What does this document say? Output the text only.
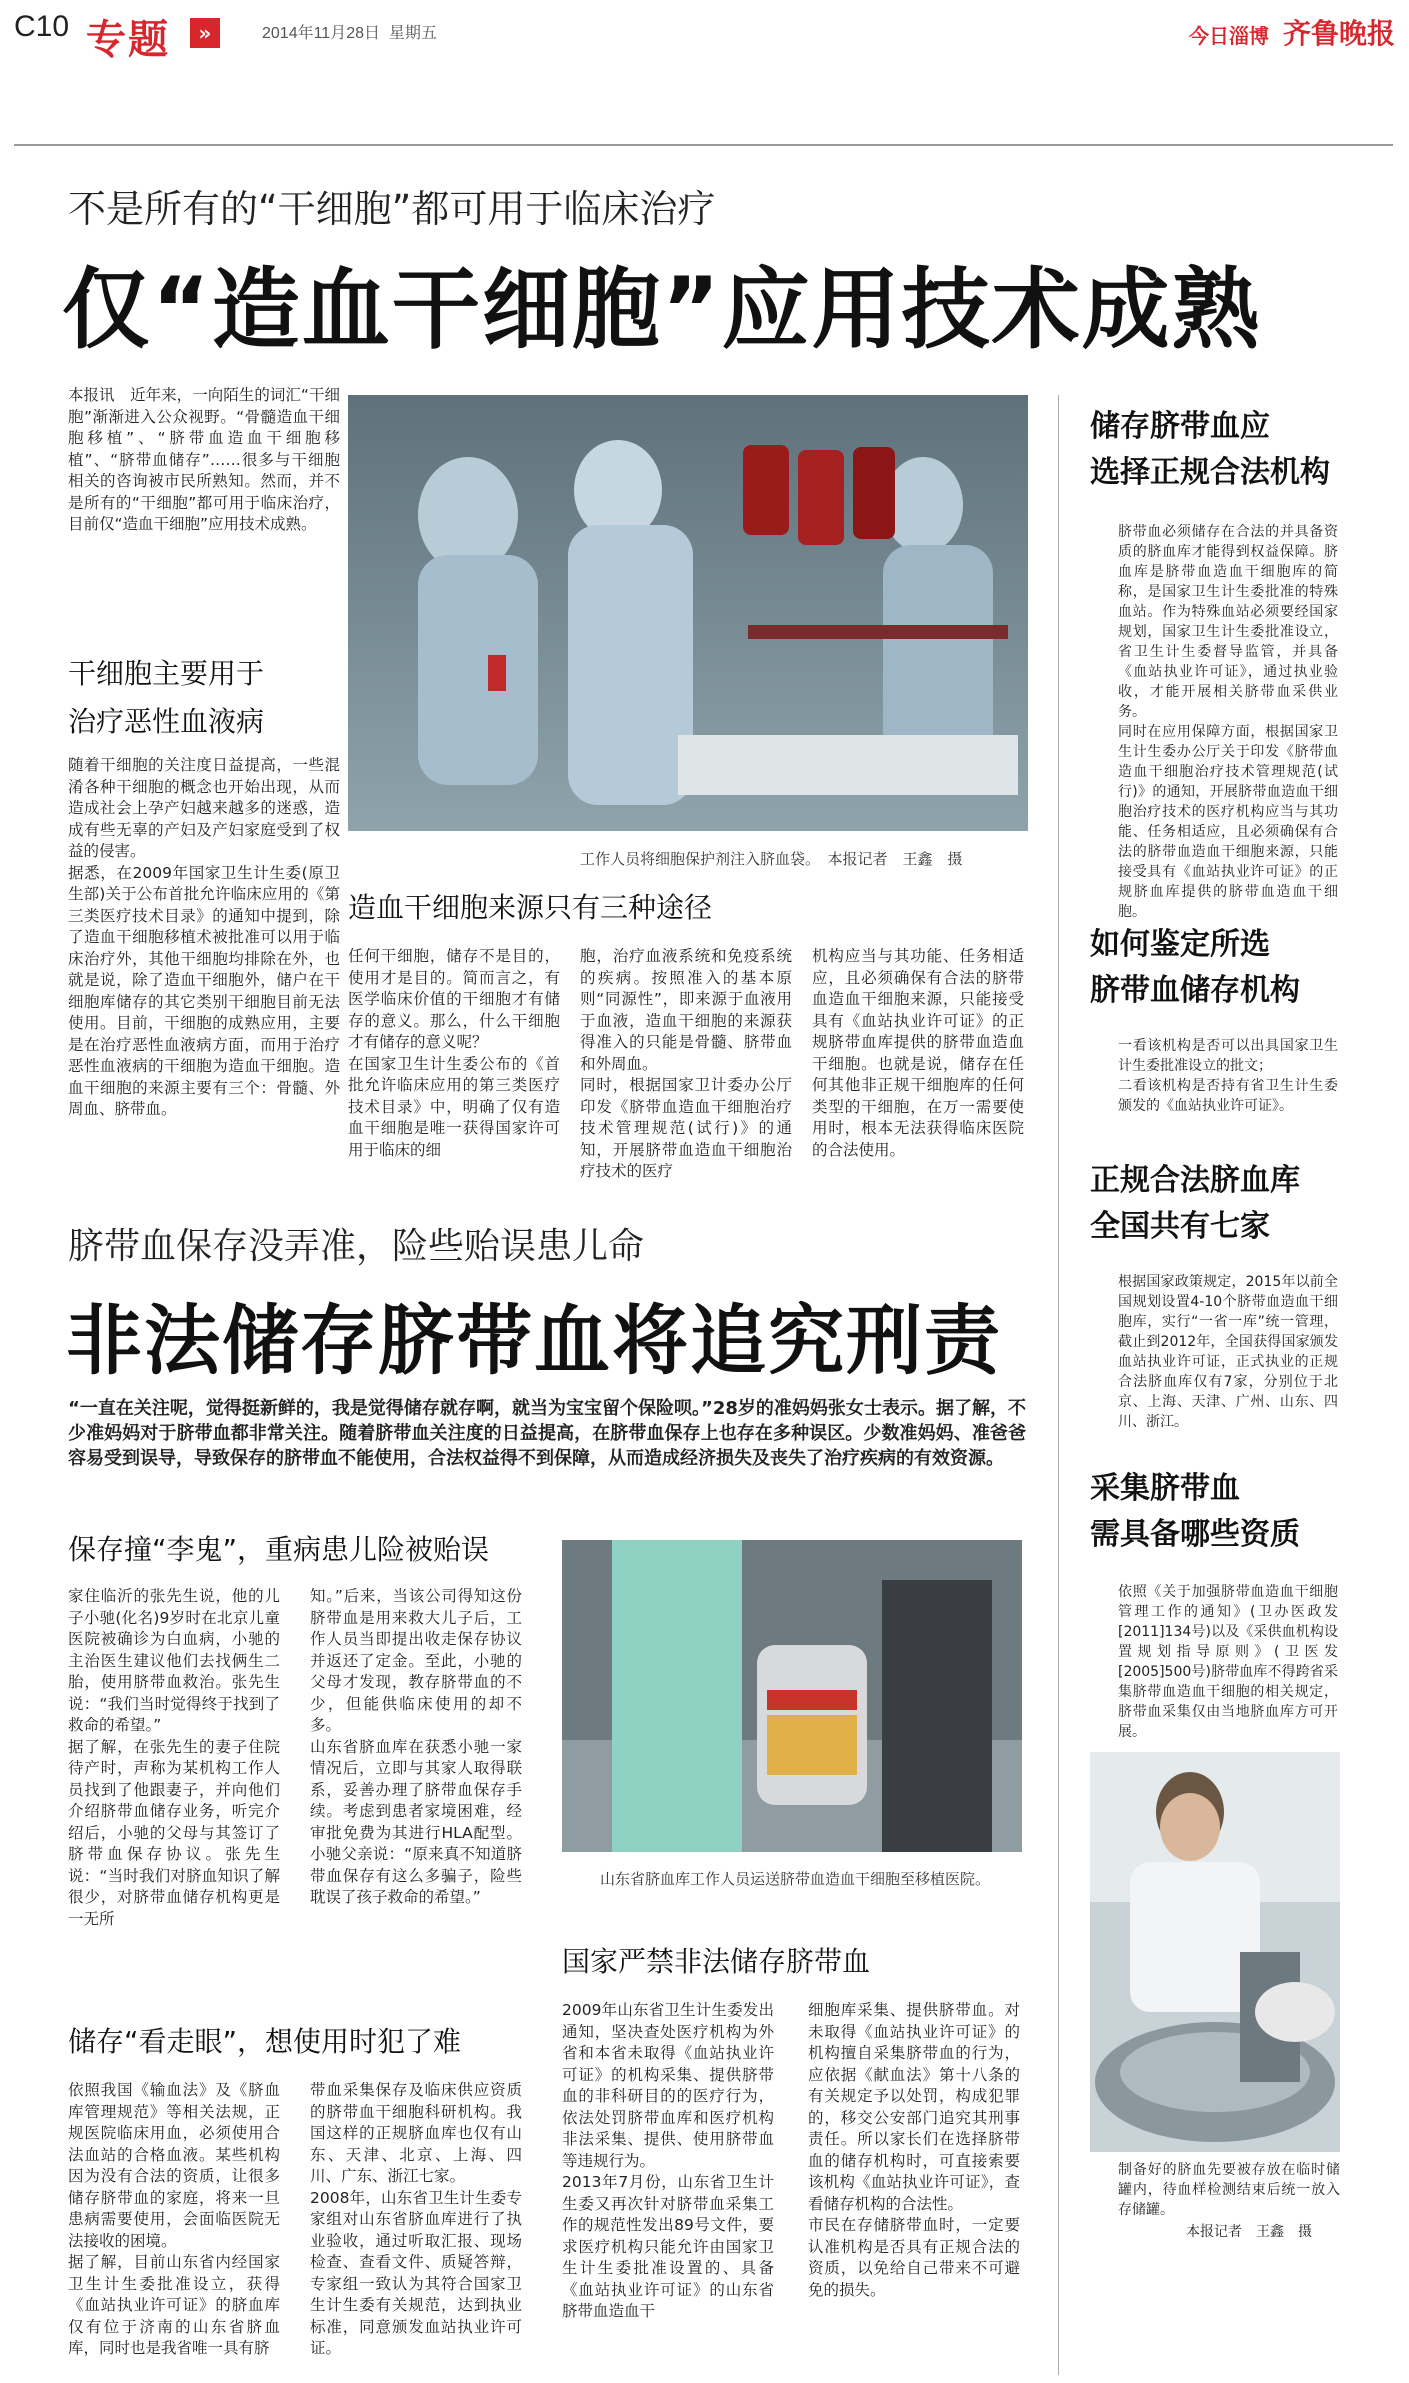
C10 专题	»	2014年11月28日 星期五	今日淄博 齐鲁晚报
不是所有的“干细胞”都可用于临床治疗
仅“造血干细胞”应用技术成熟
本报讯　近年来，一向陌生的词汇“干细胞”渐渐进入公众视野。“骨髓造血干细胞移植”、“脐带血造血干细胞移植”、“脐带血储存”……很多与干细胞相关的咨询被市民所熟知。然而，并不是所有的“干细胞”都可用于临床治疗，目前仅“造血干细胞”应用技术成熟。
干细胞主要用于
治疗恶性血液病
随着干细胞的关注度日益提高，一些混淆各种干细胞的概念也开始出现，从而造成社会上孕产妇越来越多的迷惑，造成有些无辜的产妇及产妇家庭受到了权益的侵害。
据悉，在2009年国家卫生计生委(原卫生部)关于公布首批允许临床应用的《第三类医疗技术目录》的通知中提到，除了造血干细胞移植术被批准可以用于临床治疗外，其他干细胞均排除在外，也就是说，除了造血干细胞外，储户在干细胞库储存的其它类别干细胞目前无法使用。目前，干细胞的成熟应用，主要是在治疗恶性血液病方面，而用于治疗恶性血液病的干细胞为造血干细胞。造血干细胞的来源主要有三个：骨髓、外周血、脐带血。
工作人员将细胞保护剂注入脐血袋。　本报记者　王鑫　摄
造血干细胞来源只有三种途径
任何干细胞，储存不是目的，使用才是目的。简而言之，有医学临床价值的干细胞才有储存的意义。那么，什么干细胞才有储存的意义呢？
在国家卫生计生委公布的《首批允许临床应用的第三类医疗技术目录》中，明确了仅有造血干细胞是唯一获得国家许可用于临床的细
胞，治疗血液系统和免疫系统的疾病。按照准入的基本原则“同源性”，即来源于血液用于血液，造血干细胞的来源获得准入的只能是骨髓、脐带血和外周血。
同时，根据国家卫计委办公厅印发《脐带血造血干细胞治疗技术管理规范(试行)》的通知，开展脐带血造血干细胞治疗技术的医疗
机构应当与其功能、任务相适应，且必须确保有合法的脐带血造血干细胞来源，只能接受具有《血站执业许可证》的正规脐带血库提供的脐带血造血干细胞。也就是说，储存在任何其他非正规干细胞库的任何类型的干细胞，在万一需要使用时，根本无法获得临床医院的合法使用。
储存脐带血应
选择正规合法机构
脐带血必须储存在合法的并具备资质的脐血库才能得到权益保障。脐血库是脐带血造血干细胞库的简称，是国家卫生计生委批准的特殊血站。作为特殊血站必须要经国家规划，国家卫生计生委批准设立，省卫生计生委督导监管，并具备《血站执业许可证》，通过执业验收，才能开展相关脐带血采供业务。
同时在应用保障方面，根据国家卫生计生委办公厅关于印发《脐带血造血干细胞治疗技术管理规范(试行)》的通知，开展脐带血造血干细胞治疗技术的医疗机构应当与其功能、任务相适应，且必须确保有合法的脐带血造血干细胞来源，只能接受具有《血站执业许可证》的正规脐血库提供的脐带血造血干细胞。
如何鉴定所选
脐带血储存机构
一看该机构是否可以出具国家卫生计生委批准设立的批文；
二看该机构是否持有省卫生计生委颁发的《血站执业许可证》。
正规合法脐血库
全国共有七家
根据国家政策规定，2015年以前全国规划设置4-10个脐带血造血干细胞库，实行“一省一库”统一管理，截止到2012年，全国获得国家颁发血站执业许可证，正式执业的正规合法脐血库仅有7家，分别位于北京、上海、天津、广州、山东、四川、浙江。
采集脐带血
需具备哪些资质
依照《关于加强脐带血造血干细胞管理工作的通知》(卫办医政发[2011]134号)以及《采供血机构设置规划指导原则》(卫医发[2005]500号)脐带血库不得跨省采集脐带血造血干细胞的相关规定，脐带血采集仅由当地脐血库方可开展。
制备好的脐血先要被存放在临时储罐内，待血样检测结束后统一放入存储罐。
本报记者　王鑫　摄
脐带血保存没弄准，险些贻误患儿命
非法储存脐带血将追究刑责
“一直在关注呢，觉得挺新鲜的，我是觉得储存就存啊，就当为宝宝留个保险呗。”28岁的准妈妈张女士表示。据了解，不少准妈妈对于脐带血都非常关注。随着脐带血关注度的日益提高，在脐带血保存上也存在多种误区。少数准妈妈、准爸爸容易受到误导，导致保存的脐带血不能使用，合法权益得不到保障，从而造成经济损失及丧失了治疗疾病的有效资源。
保存撞“李鬼”，重病患儿险被贻误
家住临沂的张先生说，他的儿子小驰(化名)9岁时在北京儿童医院被确诊为白血病，小驰的主治医生建议他们去找俩生二胎，使用脐带血救治。张先生说：“我们当时觉得终于找到了救命的希望。”
据了解，在张先生的妻子住院待产时，声称为某机构工作人员找到了他跟妻子，并向他们介绍脐带血储存业务，听完介绍后，小驰的父母与其签订了脐带血保存协议。张先生说：“当时我们对脐血知识了解很少，对脐带血储存机构更是一无所
知。”后来，当该公司得知这份脐带血是用来救大儿子后，工作人员当即提出收走保存协议并返还了定金。至此，小驰的父母才发现，教存脐带血的不少，但能供临床使用的却不多。
山东省脐血库在获悉小驰一家情况后，立即与其家人取得联系，妥善办理了脐带血保存手续。考虑到患者家境困难，经审批免费为其进行HLA配型。小驰父亲说：“原来真不知道脐带血保存有这么多骗子，险些耽误了孩子救命的希望。”
山东省脐血库工作人员运送脐带血造血干细胞至移植医院。
储存“看走眼”，想使用时犯了难
依照我国《输血法》及《脐血库管理规范》等相关法规，正规医院临床用血，必须使用合法血站的合格血液。某些机构因为没有合法的资质，让很多储存脐带血的家庭，将来一旦患病需要使用，会面临医院无法接收的困境。
据了解，目前山东省内经国家卫生计生委批准设立，获得《血站执业许可证》的脐血库仅有位于济南的山东省脐血库，同时也是我省唯一具有脐
带血采集保存及临床供应资质的脐带血干细胞科研机构。我国这样的正规脐血库也仅有山东、天津、北京、上海、四川、广东、浙江七家。
2008年，山东省卫生计生委专家组对山东省脐血库进行了执业验收，通过听取汇报、现场检查、查看文件、质疑答辩，专家组一致认为其符合国家卫生计生委有关规范，达到执业标准，同意颁发血站执业许可证。
国家严禁非法储存脐带血
2009年山东省卫生计生委发出通知，坚决查处医疗机构为外省和本省未取得《血站执业许可证》的机构采集、提供脐带血的非科研目的的医疗行为，依法处罚脐带血库和医疗机构非法采集、提供、使用脐带血等违规行为。
2013年7月份，山东省卫生计生委又再次针对脐带血采集工作的规范性发出89号文件，要求医疗机构只能允许由国家卫生计生委批准设置的、具备《血站执业许可证》的山东省脐带血造血干
细胞库采集、提供脐带血。对未取得《血站执业许可证》的机构擅自采集脐带血的行为，应依据《献血法》第十八条的有关规定予以处罚，构成犯罪的，移交公安部门追究其刑事责任。所以家长们在选择脐带血的储存机构时，可直接索要该机构《血站执业许可证》，查看储存机构的合法性。
市民在存储脐带血时，一定要认准机构是否具有正规合法的资质，以免给自己带来不可避免的损失。
